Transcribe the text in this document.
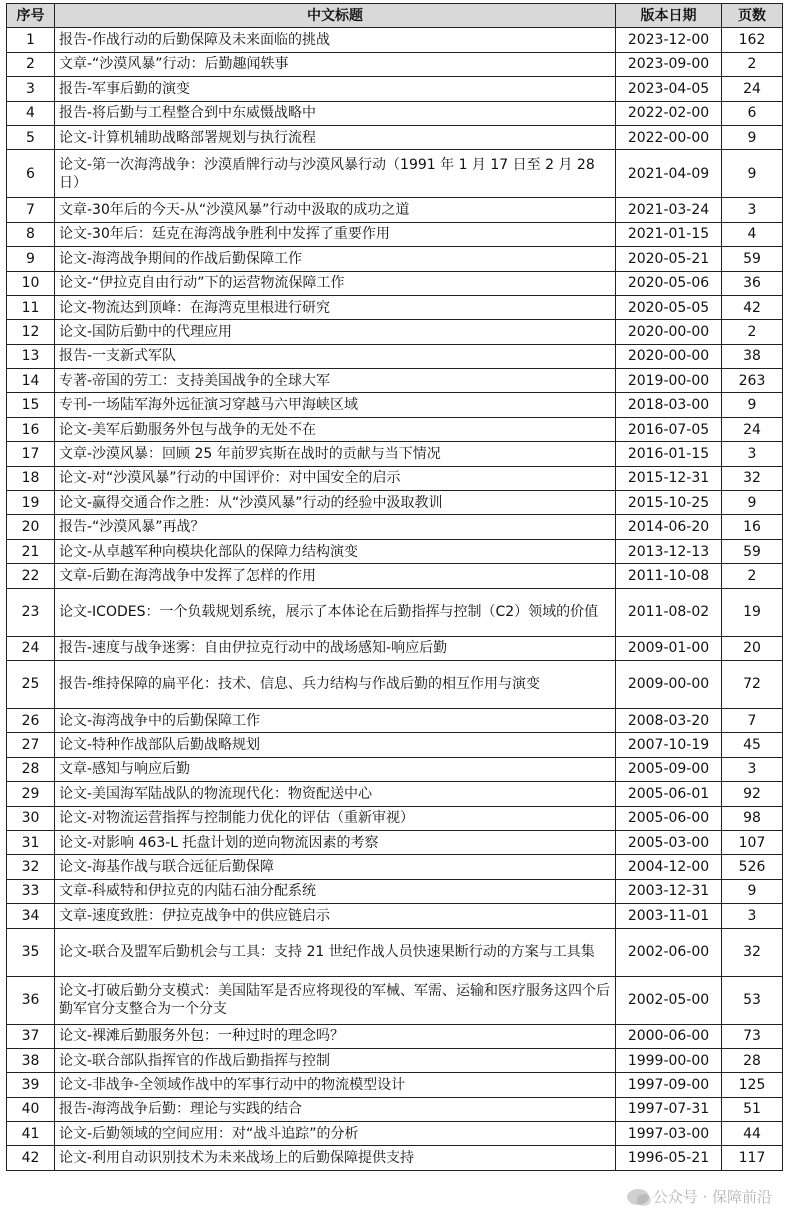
序号	中文标题	版本日期	页数
1	报告-作战行动的后勤保障及未来面临的挑战	2023-12-00	162
2	文章-“沙漠风暴”行动：后勤趣闻轶事	2023-09-00	2
3	报告-军事后勤的演变	2023-04-05	24
4	报告-将后勤与工程整合到中东威慑战略中	2022-02-00	6
5	论文-计算机辅助战略部署规划与执行流程	2022-00-00	9
6	论文-第一次海湾战争：沙漠盾牌行动与沙漠风暴行动（1991 年 1 月 17 日至 2 月 28 日）	2021-04-09	9
7	文章-30年后的今天-从“沙漠风暴”行动中汲取的成功之道	2021-03-24	3
8	论文-30年后：廷克在海湾战争胜利中发挥了重要作用	2021-01-15	4
9	论文-海湾战争期间的作战后勤保障工作	2020-05-21	59
10	论文-“伊拉克自由行动”下的运营物流保障工作	2020-05-06	36
11	论文-物流达到顶峰：在海湾克里根进行研究	2020-05-05	42
12	论文-国防后勤中的代理应用	2020-00-00	2
13	报告-一支新式军队	2020-00-00	38
14	专著-帝国的劳工：支持美国战争的全球大军	2019-00-00	263
15	专刊-一场陆军海外远征演习穿越马六甲海峡区域	2018-03-00	9
16	论文-美军后勤服务外包与战争的无处不在	2016-07-05	24
17	文章-沙漠风暴：回顾 25 年前罗宾斯在战时的贡献与当下情况	2016-01-15	3
18	论文-对“沙漠风暴”行动的中国评价：对中国安全的启示	2015-12-31	32
19	论文-赢得交通合作之胜：从“沙漠风暴”行动的经验中汲取教训	2015-10-25	9
20	报告-“沙漠风暴”再战？	2014-06-20	16
21	论文-从卓越军种向模块化部队的保障力结构演变	2013-12-13	59
22	文章-后勤在海湾战争中发挥了怎样的作用	2011-10-08	2
23	论文-ICODES：一个负载规划系统，展示了本体论在后勤指挥与控制（C2）领域的价值	2011-08-02	19
24	报告-速度与战争迷雾：自由伊拉克行动中的战场感知-响应后勤	2009-01-00	20
25	报告-维持保障的扁平化：技术、信息、兵力结构与作战后勤的相互作用与演变	2009-00-00	72
26	论文-海湾战争中的后勤保障工作	2008-03-20	7
27	论文-特种作战部队后勤战略规划	2007-10-19	45
28	文章-感知与响应后勤	2005-09-00	3
29	论文-美国海军陆战队的物流现代化：物资配送中心	2005-06-01	92
30	论文-对物流运营指挥与控制能力优化的评估（重新审视）	2005-06-00	98
31	论文-对影响 463-L 托盘计划的逆向物流因素的考察	2005-03-00	107
32	论文-海基作战与联合远征后勤保障	2004-12-00	526
33	文章-科威特和伊拉克的内陆石油分配系统	2003-12-31	9
34	文章-速度致胜：伊拉克战争中的供应链启示	2003-11-01	3
35	论文-联合及盟军后勤机会与工具：支持 21 世纪作战人员快速果断行动的方案与工具集	2002-06-00	32
36	论文-打破后勤分支模式：美国陆军是否应将现役的军械、军需、运输和医疗服务这四个后勤军官分支整合为一个分支	2002-05-00	53
37	论文-裸滩后勤服务外包：一种过时的理念吗？	2000-06-00	73
38	论文-联合部队指挥官的作战后勤指挥与控制	1999-00-00	28
39	论文-非战争-全领域作战中的军事行动中的物流模型设计	1997-09-00	125
40	报告-海湾战争后勤：理论与实践的结合	1997-07-31	51
41	论文-后勤领域的空间应用：对“战斗追踪”的分析	1997-03-00	44
42	论文-利用自动识别技术为未来战场上的后勤保障提供支持	1996-05-21	117
公众号 · 保障前沿
